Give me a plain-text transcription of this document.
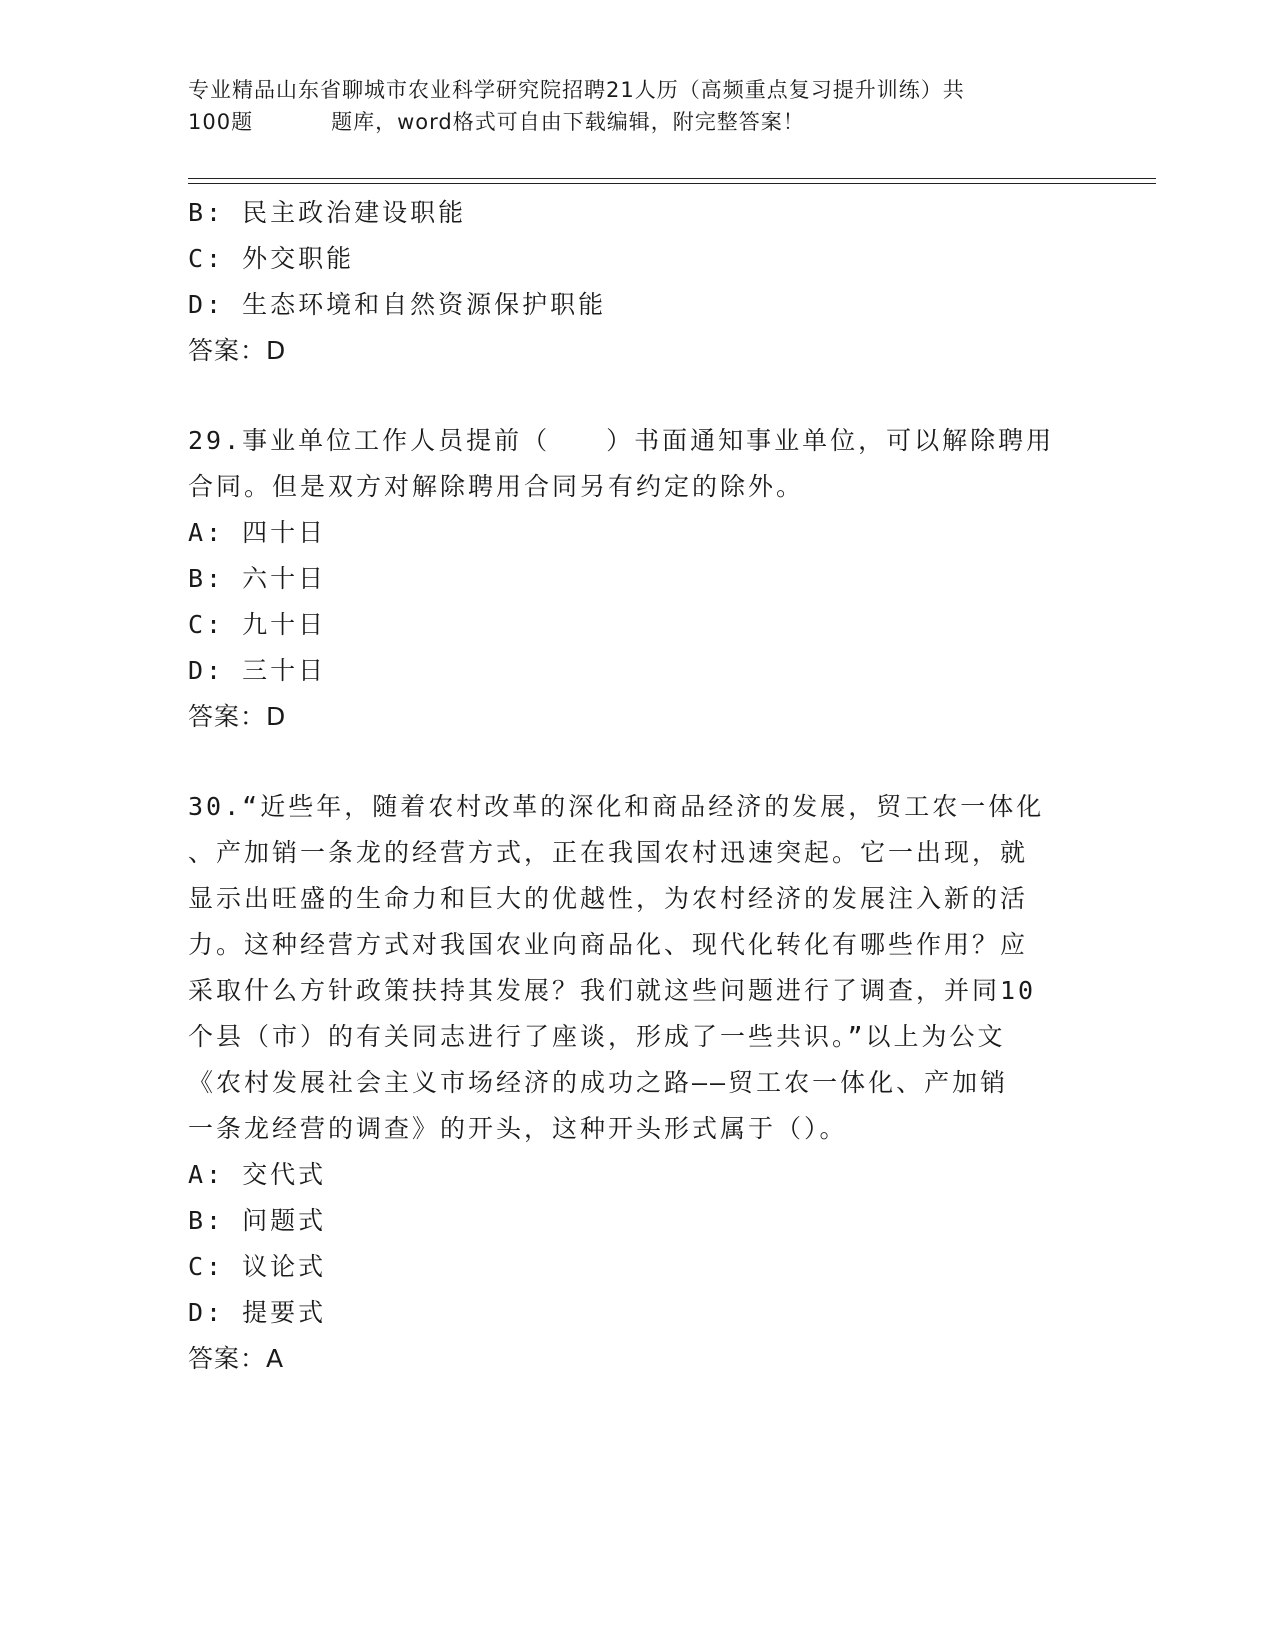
专业精品山东省聊城市农业科学研究院招聘21人历（高频重点复习提升训练）共

100题	题库，word格式可自由下载编辑，附完整答案！
B: 民主政治建设职能
C: 外交职能
D: 生态环境和自然资源保护职能
答案：D
29.事业单位工作人员提前（　　）书面通知事业单位，可以解除聘用
合同。但是双方对解除聘用合同另有约定的除外。
A: 四十日
B: 六十日
C: 九十日
D: 三十日
答案：D
30.“近些年，随着农村改革的深化和商品经济的发展，贸工农一体化
、产加销一条龙的经营方式，正在我国农村迅速突起。它一出现，就
显示出旺盛的生命力和巨大的优越性，为农村经济的发展注入新的活
力。这种经营方式对我国农业向商品化、现代化转化有哪些作用？应
采取什么方针政策扶持其发展？我们就这些问题进行了调查，并同10
个县（市）的有关同志进行了座谈，形成了一些共识。”以上为公文
《农村发展社会主义市场经济的成功之路——贸工农一体化、产加销
一条龙经营的调查》的开头，这种开头形式属于（）。
A: 交代式
B: 问题式
C: 议论式
D: 提要式
答案：A
